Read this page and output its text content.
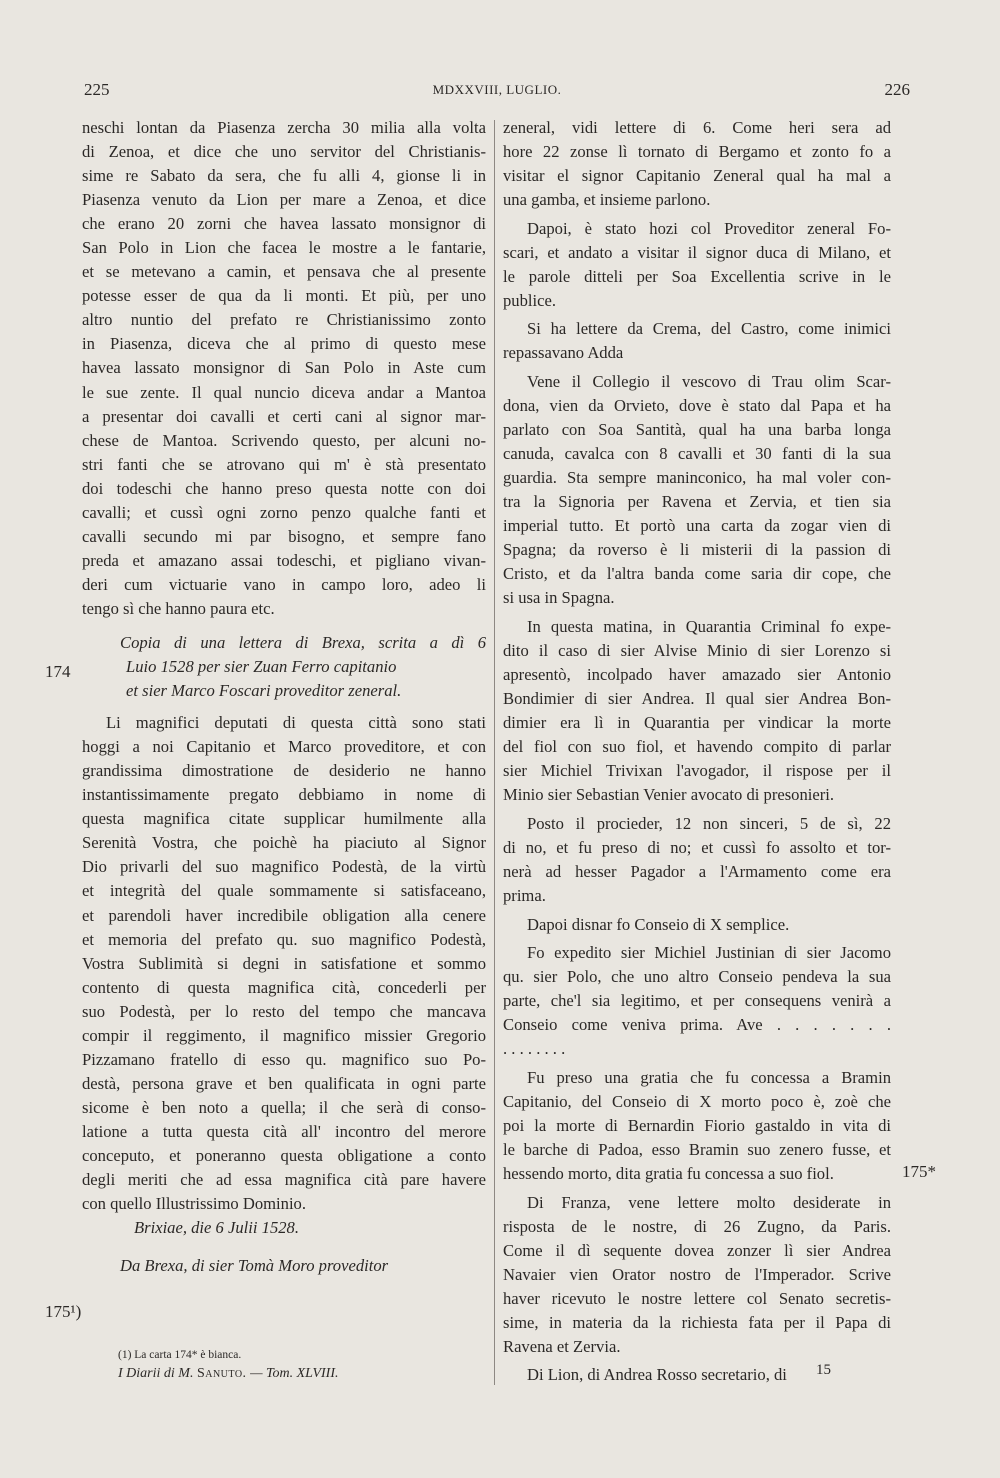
225	MDXXVIII, LUGLIO.	226
neschi lontan da Piasenza zercha 30 milia alla volta
di Zenoa, et dice che uno servitor del Christianis-
sime re Sabato da sera, che fu alli 4, gionse li in
Piasenza venuto da Lion per mare a Zenoa, et dice
che erano 20 zorni che havea lassato monsignor di
San Polo in Lion che facea le mostre a le fantarie,
et se metevano a camin, et pensava che al presente
potesse esser de qua da li monti. Et più, per uno
altro nuntio del prefato re Christianissimo zonto
in Piasenza, diceva che al primo di questo mese
havea lassato monsignor di San Polo in Aste cum
le sue zente. Il qual nuncio diceva andar a Mantoa
a presentar doi cavalli et certi cani al signor mar-
chese de Mantoa. Scrivendo questo, per alcuni no-
stri fanti che se atrovano qui m' è stà presentato
doi todeschi che hanno preso questa notte con doi
cavalli; et cussì ogni zorno penzo qualche fanti et
cavalli secundo mi par bisogno, et sempre fano
preda et amazano assai todeschi, et pigliano vivan-
deri cum victuarie vano in campo loro, adeo li
tengo sì che hanno paura etc.
Copia di una lettera di Brexa, scrita a dì 6
Luio 1528 per sier Zuan Ferro capitanio
et sier Marco Foscari proveditor zeneral.
Li magnifici deputati di questa città sono stati
hoggi a noi Capitanio et Marco proveditore, et con
grandissima dimostratione de desiderio ne hanno
instantissimamente pregato debbiamo in nome di
questa magnifica citate supplicar humilmente alla
Serenità Vostra, che poichè ha piaciuto al Signor
Dio privarli del suo magnifico Podestà, de la virtù
et integrità del quale sommamente si satisfaceano,
et parendoli haver incredibile obligation alla cenere
et memoria del prefato qu. suo magnifico Podestà,
Vostra Sublimità si degni in satisfatione et sommo
contento di questa magnifica cità, concederli per
suo Podestà, per lo resto del tempo che mancava
compir il reggimento, il magnifico missier Gregorio
Pizzamano fratello di esso qu. magnifico suo Po-
destà, persona grave et ben qualificata in ogni parte
sicome è ben noto a quella; il che serà di conso-
latione a tutta questa cità all' incontro del merore
conceputo, et poneranno questa obligatione a conto
degli meriti che ad essa magnifica cità pare havere
con quello Illustrissimo Dominio.
Brixiae, die 6 Julii 1528.
Da Brexa, di sier Tomà Moro proveditor
zeneral, vidi lettere di 6. Come heri sera ad
hore 22 zonse lì tornato di Bergamo et zonto fo a
visitar el signor Capitanio Zeneral qual ha mal a
una gamba, et insieme parlono.
Dapoi, è stato hozi col Proveditor zeneral Fo-
scari, et andato a visitar il signor duca di Milano, et
le parole ditteli per Soa Excellentia scrive in le
publice.
Si ha lettere da Crema, del Castro, come inimici
repassavano Adda
Vene il Collegio il vescovo di Trau olim Scar-
dona, vien da Orvieto, dove è stato dal Papa et ha
parlato con Soa Santità, qual ha una barba longa
canuda, cavalca con 8 cavalli et 30 fanti di la sua
guardia. Sta sempre maninconico, ha mal voler con-
tra la Signoria per Ravena et Zervia, et tien sia
imperial tutto. Et portò una carta da zogar vien di
Spagna; da roverso è li misterii di la passion di
Cristo, et da l'altra banda come saria dir cope, che
si usa in Spagna.
In questa matina, in Quarantia Criminal fo expe-
dito il caso di sier Alvise Minio di sier Lorenzo si
apresentò, incolpado haver amazado sier Antonio
Bondimier di sier Andrea. Il qual sier Andrea Bon-
dimier era lì in Quarantia per vindicar la morte
del fiol con suo fiol, et havendo compito di parlar
sier Michiel Trivixan l'avogador, il rispose per il
Minio sier Sebastian Venier avocato di presonieri.
Posto il procieder, 12 non sinceri, 5 de sì, 22
di no, et fu preso di no; et cussì fo assolto et tor-
nerà ad hesser Pagador a l'Armamento come era
prima.
Dapoi disnar fo Conseio di X semplice.
Fo expedito sier Michiel Justinian di sier Jacomo
qu. sier Polo, che uno altro Conseio pendeva la sua
parte, che'l sia legitimo, et per consequens venirà a
Conseio come veniva prima. Ave . . . . . . .
. . . . . . . .
Fu preso una gratia che fu concessa a Bramin
Capitanio, del Conseio di X morto poco è, zoè che
poi la morte di Bernardin Fiorio gastaldo in vita di
le barche di Padoa, esso Bramin suo zenero fusse, et
hessendo morto, dita gratia fu concessa a suo fiol.
Di Franza, vene lettere molto desiderate in
risposta de le nostre, di 26 Zugno, da Paris.
Come il dì sequente dovea zonzer lì sier Andrea
Navaier vien Orator nostro de l'Imperador. Scrive
haver ricevuto le nostre lettere col Senato secretis-
sime, in materia da la richiesta fata per il Papa di
Ravena et Zervia.
Di Lion, di Andrea Rosso secretario, di
174
175¹)
175*
(1) La carta 174* è bianca.
I Diarii di M. Sanuto. — Tom. XLVIII.	15
